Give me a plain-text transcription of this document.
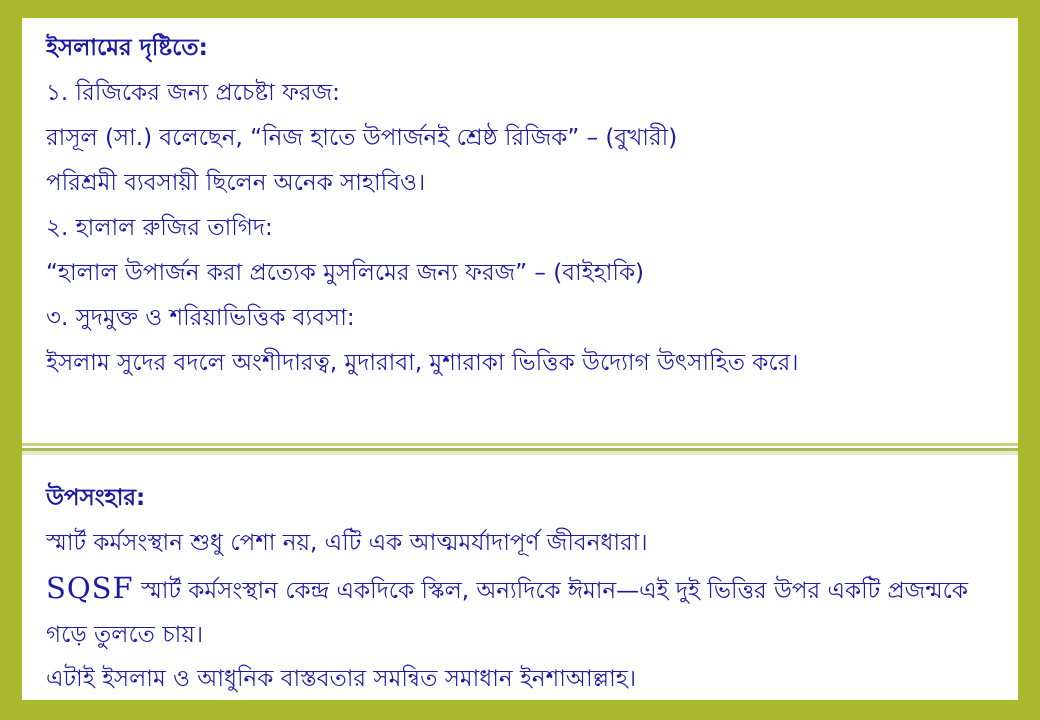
ইসলামের দৃষ্টিতে:
১. রিজিকের জন্য প্রচেষ্টা ফরজ:
রাসূল (সা.) বলেছেন, “নিজ হাতে উপার্জনই শ্রেষ্ঠ রিজিক” – (বুখারী)
পরিশ্রমী ব্যবসায়ী ছিলেন অনেক সাহাবিও।
২. হালাল রুজির তাগিদ:
“হালাল উপার্জন করা প্রত্যেক মুসলিমের জন্য ফরজ” – (বাইহাকি)
৩. সুদমুক্ত ও শরিয়াভিত্তিক ব্যবসা:
ইসলাম সুদের বদলে অংশীদারত্ব, মুদারাবা, মুশারাকা ভিত্তিক উদ্যোগ উৎসাহিত করে।
উপসংহার:
স্মার্ট কর্মসংস্থান শুধু পেশা নয়, এটি এক আত্মমর্যাদাপূর্ণ জীবনধারা।
SQSF স্মার্ট কর্মসংস্থান কেন্দ্র একদিকে স্কিল, অন্যদিকে ঈমান—এই দুই ভিত্তির উপর একটি প্রজন্মকে গড়ে তুলতে চায়।
এটাই ইসলাম ও আধুনিক বাস্তবতার সমন্বিত সমাধান ইনশাআল্লাহ।
